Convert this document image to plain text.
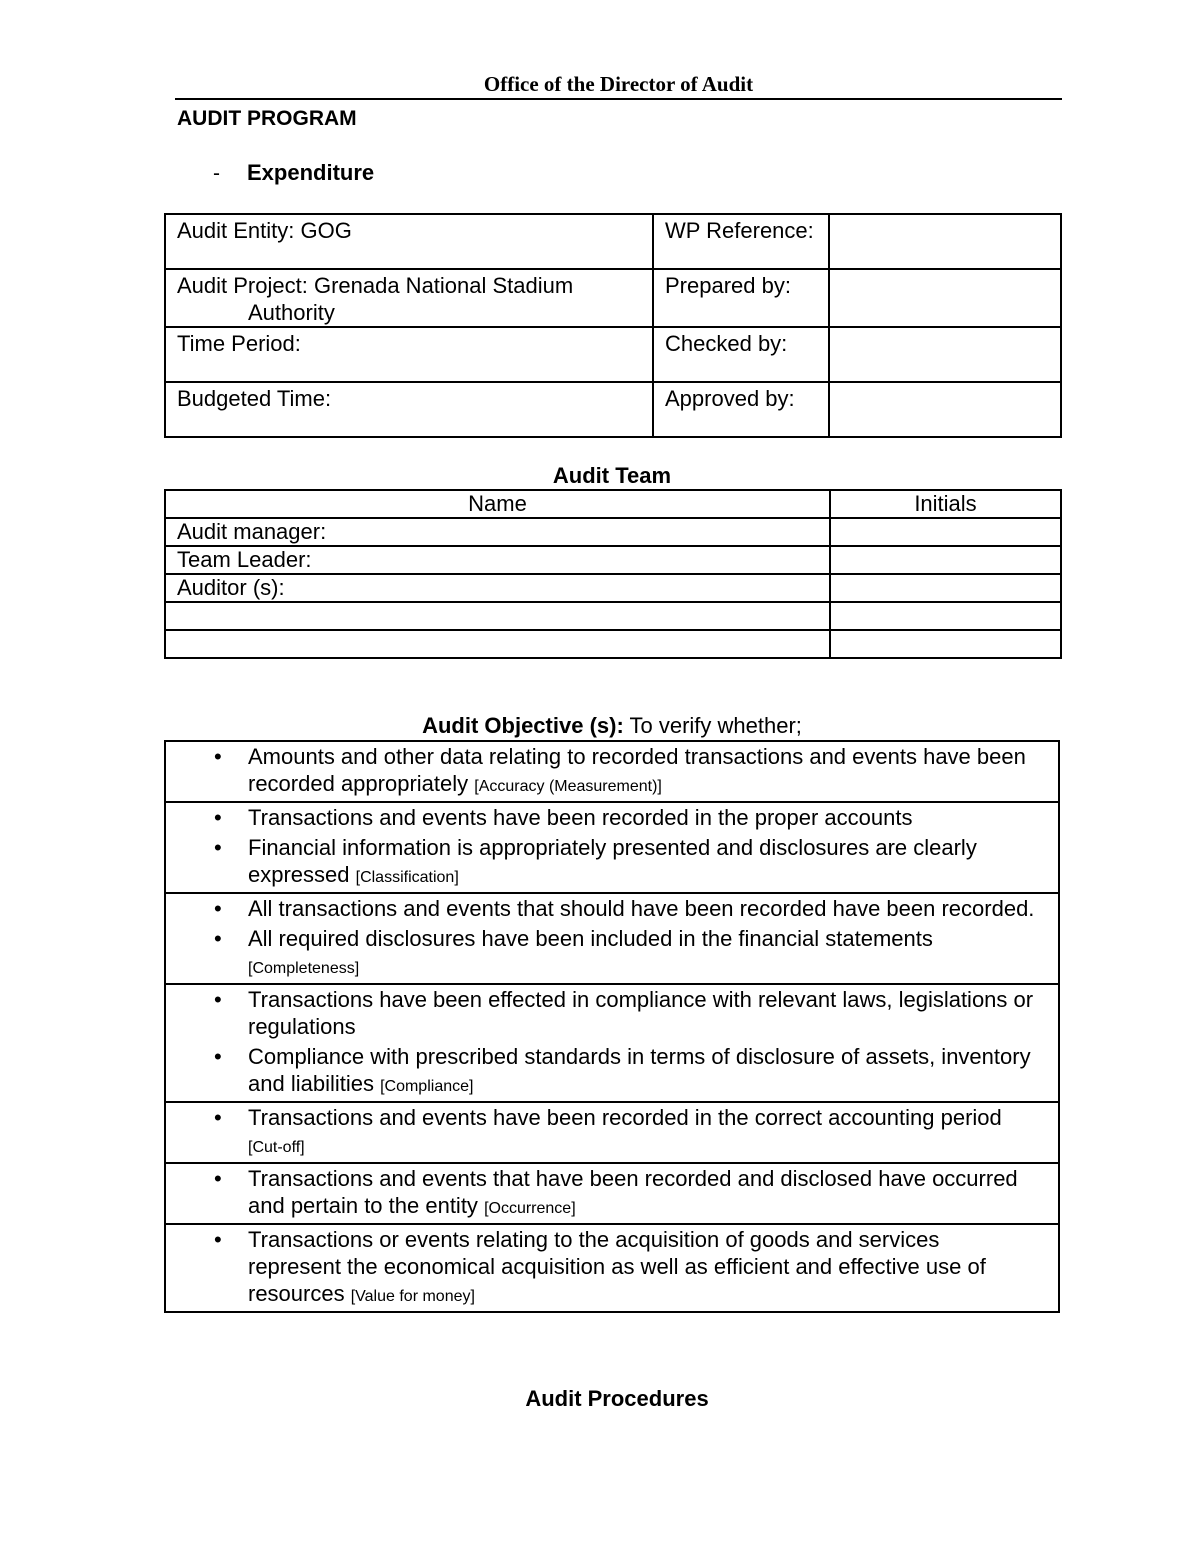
Office of the Director of Audit
AUDIT PROGRAM
- Expenditure
Audit Entity: GOG	WP Reference:	
Audit Project: Grenada National Stadium
Authority	Prepared by:	
Time Period:	Checked by:	
Budgeted Time:	Approved by:	
Audit Team
Name	Initials
Audit manager:	
Team Leader:	
Auditor (s):	

Audit Objective (s): To verify whether;
• Amounts and other data relating to recorded transactions and events have been recorded appropriately [Accuracy (Measurement)]

• Transactions and events have been recorded in the proper accounts
• Financial information is appropriately presented and disclosures are clearly expressed [Classification]

• All transactions and events that should have been recorded have been recorded.
• All required disclosures have been included in the financial statements [Completeness]

• Transactions have been effected in compliance with relevant laws, legislations or regulations
• Compliance with prescribed standards in terms of disclosure of assets, inventory and liabilities [Compliance]

• Transactions and events have been recorded in the correct accounting period [Cut-off]

• Transactions and events that have been recorded and disclosed have occurred and pertain to the entity [Occurrence]

• Transactions or events relating to the acquisition of goods and services represent the economical acquisition as well as efficient and effective use of resources [Value for money]
Audit Procedures
